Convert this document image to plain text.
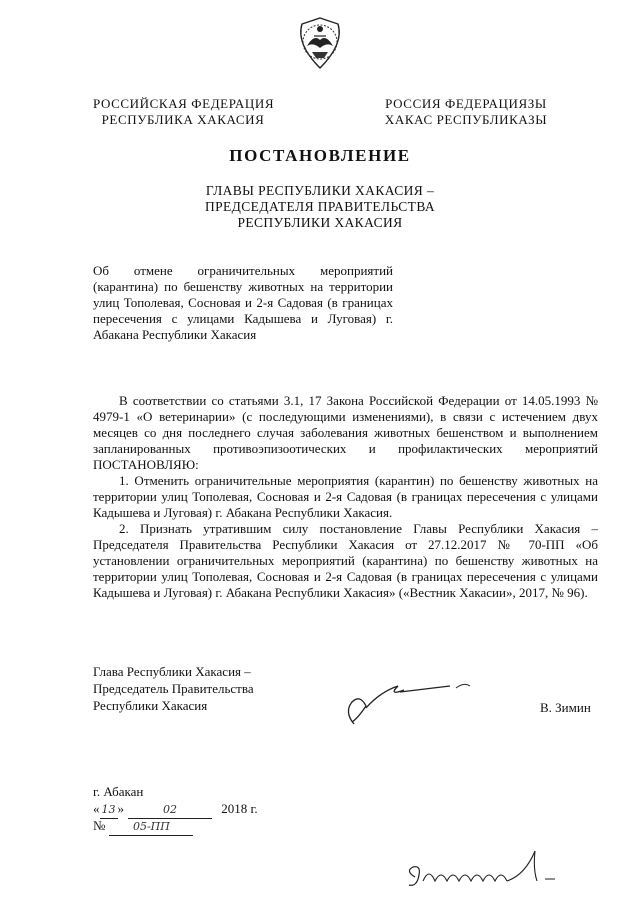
РОССИЙСКАЯ ФЕДЕРАЦИЯ
РЕСПУБЛИКА ХАКАСИЯ
РОССИЯ ФЕДЕРАЦИЯЗЫ
ХАКАС РЕСПУБЛИКАЗЫ
ПОСТАНОВЛЕНИЕ
ГЛАВЫ РЕСПУБЛИКИ ХАКАСИЯ –
ПРЕДСЕДАТЕЛЯ ПРАВИТЕЛЬСТВА
РЕСПУБЛИКИ ХАКАСИЯ
Об отмене ограничительных мероприятий (карантина) по бешенству животных на территории улиц Тополевая, Сосновая и 2-я Садовая (в границах пересечения с улицами Кадышева и Луговая) г. Абакана Республики Хакасия

В соответствии со статьями 3.1, 17 Закона Российской Федерации от 14.05.1993 № 4979-1 «О ветеринарии» (с последующими изменениями), в связи с истечением двух месяцев со дня последнего случая заболевания животных бешенством и выполнением запланированных противоэпизоотических и профилактических мероприятий ПОСТАНОВЛЯЮ:

1. Отменить ограничительные мероприятия (карантин) по бешенству животных на территории улиц Тополевая, Сосновая и 2-я Садовая (в границах пересечения с улицами Кадышева и Луговая) г. Абакана Республики Хакасия.

2. Признать утратившим силу постановление Главы Республики Хакасия – Председателя Правительства Республики Хакасия от 27.12.2017 № 70-ПП «Об установлении ограничительных мероприятий (карантина) по бешенству животных на территории улиц Тополевая, Сосновая и 2-я Садовая (в границах пересечения с улицами Кадышева и Луговая) г. Абакана Республики Хакасия» («Вестник Хакасии», 2017, № 96).

Глава Республики Хакасия –
Председатель Правительства
Республики Хакасия	В. Зимин
г. Абакан
« 13 »	02	2018 г.
№	05-ПП
